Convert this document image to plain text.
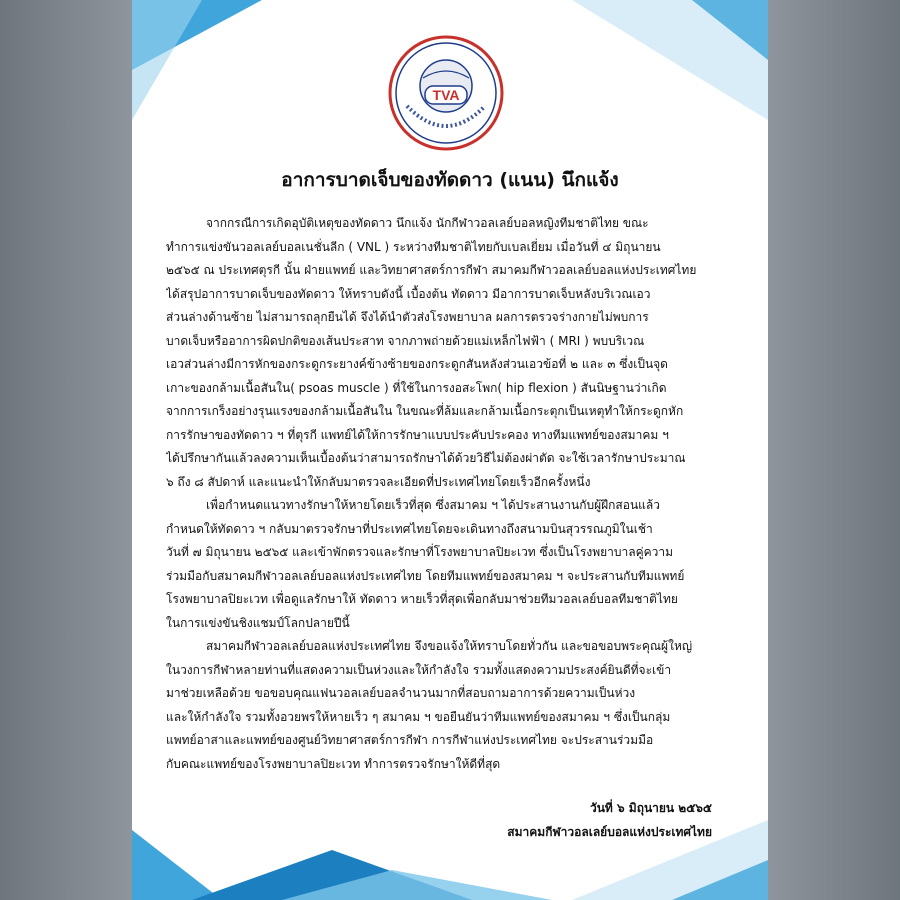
TVA
อาการบาดเจ็บของทัดดาว (แนน) นึกแจ้ง
จากกรณีการเกิดอุบัติเหตุของทัดดาว นึกแจ้ง นักกีฬาวอลเลย์บอลหญิงทีมชาติไทย ขณะ
ทำการแข่งขันวอลเลย์บอลเนชั่นลีก ( VNL ) ระหว่างทีมชาติไทยกับเบลเยี่ยม เมื่อวันที่ ๔ มิถุนายน
๒๕๖๕ ณ ประเทศตุรกี นั้น ฝ่ายแพทย์ และวิทยาศาสตร์การกีฬา สมาคมกีฬาวอลเลย์บอลแห่งประเทศไทย
ได้สรุปอาการบาดเจ็บของทัดดาว ให้ทราบดังนี้ เบื้องต้น ทัดดาว มีอาการบาดเจ็บหลังบริเวณเอว
ส่วนล่างด้านซ้าย ไม่สามารถลุกยืนได้ จึงได้นำตัวส่งโรงพยาบาล ผลการตรวจร่างกายไม่พบการ
บาดเจ็บหรืออาการผิดปกติของเส้นประสาท จากภาพถ่ายด้วยแม่เหล็กไฟฟ้า ( MRI ) พบบริเวณ
เอวส่วนล่างมีการหักของกระดูกระยางค์ข้างซ้ายของกระดูกสันหลังส่วนเอวข้อที่ ๒ และ ๓ ซึ่งเป็นจุด
เกาะของกล้ามเนื้อสันใน( psoas muscle ) ที่ใช้ในการงอสะโพก( hip flexion ) สันนิษฐานว่าเกิด
จากการเกร็งอย่างรุนแรงของกล้ามเนื้อสันใน ในขณะที่ล้มและกล้ามเนื้อกระตุกเป็นเหตุทำให้กระดูกหัก
การรักษาของทัดดาว ฯ ที่ตุรกี แพทย์ได้ให้การรักษาแบบประคับประคอง ทางทีมแพทย์ของสมาคม ฯ
ได้ปรึกษากันแล้วลงความเห็นเบื้องต้นว่าสามารถรักษาได้ด้วยวิธีไม่ต้องผ่าตัด จะใช้เวลารักษาประมาณ
๖ ถึง ๘ สัปดาห์ และแนะนำให้กลับมาตรวจละเอียดที่ประเทศไทยโดยเร็วอีกครั้งหนึ่ง
เพื่อกำหนดแนวทางรักษาให้หายโดยเร็วที่สุด ซึ่งสมาคม ฯ ได้ประสานงานกับผู้ฝึกสอนแล้ว
กำหนดให้ทัดดาว ฯ กลับมาตรวจรักษาที่ประเทศไทยโดยจะเดินทางถึงสนามบินสุวรรณภูมิในเช้า
วันที่ ๗ มิถุนายน ๒๕๖๕ และเข้าพักตรวจและรักษาที่โรงพยาบาลปิยะเวท ซึ่งเป็นโรงพยาบาลคู่ความ
ร่วมมือกับสมาคมกีฬาวอลเลย์บอลแห่งประเทศไทย โดยทีมแพทย์ของสมาคม ฯ จะประสานกับทีมแพทย์
โรงพยาบาลปิยะเวท เพื่อดูแลรักษาให้ ทัดดาว หายเร็วที่สุดเพื่อกลับมาช่วยทีมวอลเลย์บอลทีมชาติไทย
ในการแข่งขันชิงแชมป์โลกปลายปีนี้
สมาคมกีฬาวอลเลย์บอลแห่งประเทศไทย จึงขอแจ้งให้ทราบโดยทั่วกัน และขอขอบพระคุณผู้ใหญ่
ในวงการกีฬาหลายท่านที่แสดงความเป็นห่วงและให้กำลังใจ รวมทั้งแสดงความประสงค์ยินดีที่จะเข้า
มาช่วยเหลือด้วย ขอขอบคุณแฟนวอลเลย์บอลจำนวนมากที่สอบถามอาการด้วยความเป็นห่วง
และให้กำลังใจ รวมทั้งอวยพรให้หายเร็ว ๆ สมาคม ฯ ขอยืนยันว่าทีมแพทย์ของสมาคม ฯ ซึ่งเป็นกลุ่ม
แพทย์อาสาและแพทย์ของศูนย์วิทยาศาสตร์การกีฬา การกีฬาแห่งประเทศไทย จะประสานร่วมมือ
กับคณะแพทย์ของโรงพยาบาลปิยะเวท ทำการตรวจรักษาให้ดีที่สุด
วันที่ ๖ มิถุนายน ๒๕๖๕
สมาคมกีฬาวอลเลย์บอลแห่งประเทศไทย
